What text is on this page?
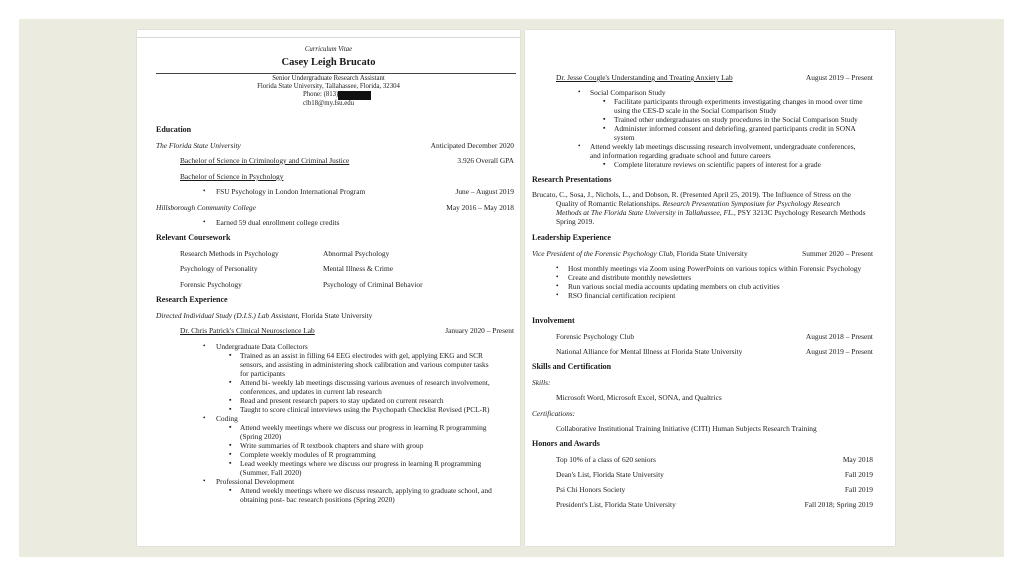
Curriculum Vitae
Casey Leigh Brucato
Senior Undergraduate Research Assistant
Florida State University, Tallahassee, Florida, 32304
Phone: (813)
clb18@my.fsu.edu
Education
The Florida State University	Anticipated December 2020
Bachelor of Science in Criminology and Criminal Justice	3.926 Overall GPA
Bachelor of Science in Psychology
• FSU Psychology in London International Program	June – August 2019
Hillsborough Community College	May 2016 – May 2018
• Earned 59 dual enrollment college credits
Relevant Coursework
Research Methods in Psychology	Abnormal Psychology
Psychology of Personality	Mental Illness & Crime
Forensic Psychology	Psychology of Criminal Behavior
Research Experience
Directed Individual Study (D.I.S.) Lab Assistant, Florida State University
Dr. Chris Patrick's Clinical Neuroscience Lab	January 2020 – Present
• Undergraduate Data Collectors
▪ Trained as an assist in filling 64 EEG electrodes with gel, applying EKG and SCR
sensors, and assisting in administering shock calibration and various computer tasks
for participants
▪ Attend bi- weekly lab meetings discussing various avenues of research involvement,
conferences, and updates in current lab research
▪ Read and present research papers to stay updated on current research
▪ Taught to score clinical interviews using the Psychopath Checklist Revised (PCL-R)
• Coding
▪ Attend weekly meetings where we discuss our progress in learning R programming
(Spring 2020)
▪ Write summaries of R textbook chapters and share with group
▪ Complete weekly modules of R programming
▪ Lead weekly meetings where we discuss our progress in learning R programming
(Summer, Fall 2020)
• Professional Development
▪ Attend weekly meetings where we discuss research, applying to graduate school, and
obtaining post- bac research positions (Spring 2020)
Dr. Jesse Cougle's Understanding and Treating Anxiety Lab	August 2019 – Present
• Social Comparison Study
▪ Facilitate participants through experiments investigating changes in mood over time
using the CES-D scale in the Social Comparison Study
▪ Trained other undergraduates on study procedures in the Social Comparison Study
▪ Administer informed consent and debriefing, granted participants credit in SONA
system
• Attend weekly lab meetings discussing research involvement, undergraduate conferences,
and information regarding graduate school and future careers
▪ Complete literature reviews on scientific papers of interest for a grade
Research Presentations
Brucato, C., Sosa, J., Nichols, L., and Dobson, R. (Presented April 25, 2019). The Influence of Stress on the
Quality of Romantic Relationships. Research Presentation Symposium for Psychology Research
Methods at The Florida State University in Tallahassee, FL., PSY 3213C Psychology Research Methods
Spring 2019.
Leadership Experience
Vice President of the Forensic Psychology Club, Florida State University	Summer 2020 – Present
• Host monthly meetings via Zoom using PowerPoints on various topics within Forensic Psychology
• Create and distribute monthly newsletters
• Run various social media accounts updating members on club activities
• RSO financial certification recipient
Involvement
Forensic Psychology Club	August 2018 – Present
National Alliance for Mental Illness at Florida State University	August 2019 – Present
Skills and Certification
Skills:
Microsoft Word, Microsoft Excel, SONA, and Qualtrics
Certifications:
Collaborative Institutional Training Initiative (CITI) Human Subjects Research Training
Honors and Awards
Top 10% of a class of 620 seniors	May 2018
Dean's List, Florida State University	Fall 2019
Psi Chi Honors Society	Fall 2019
President's List, Florida State University	Fall 2018; Spring 2019
